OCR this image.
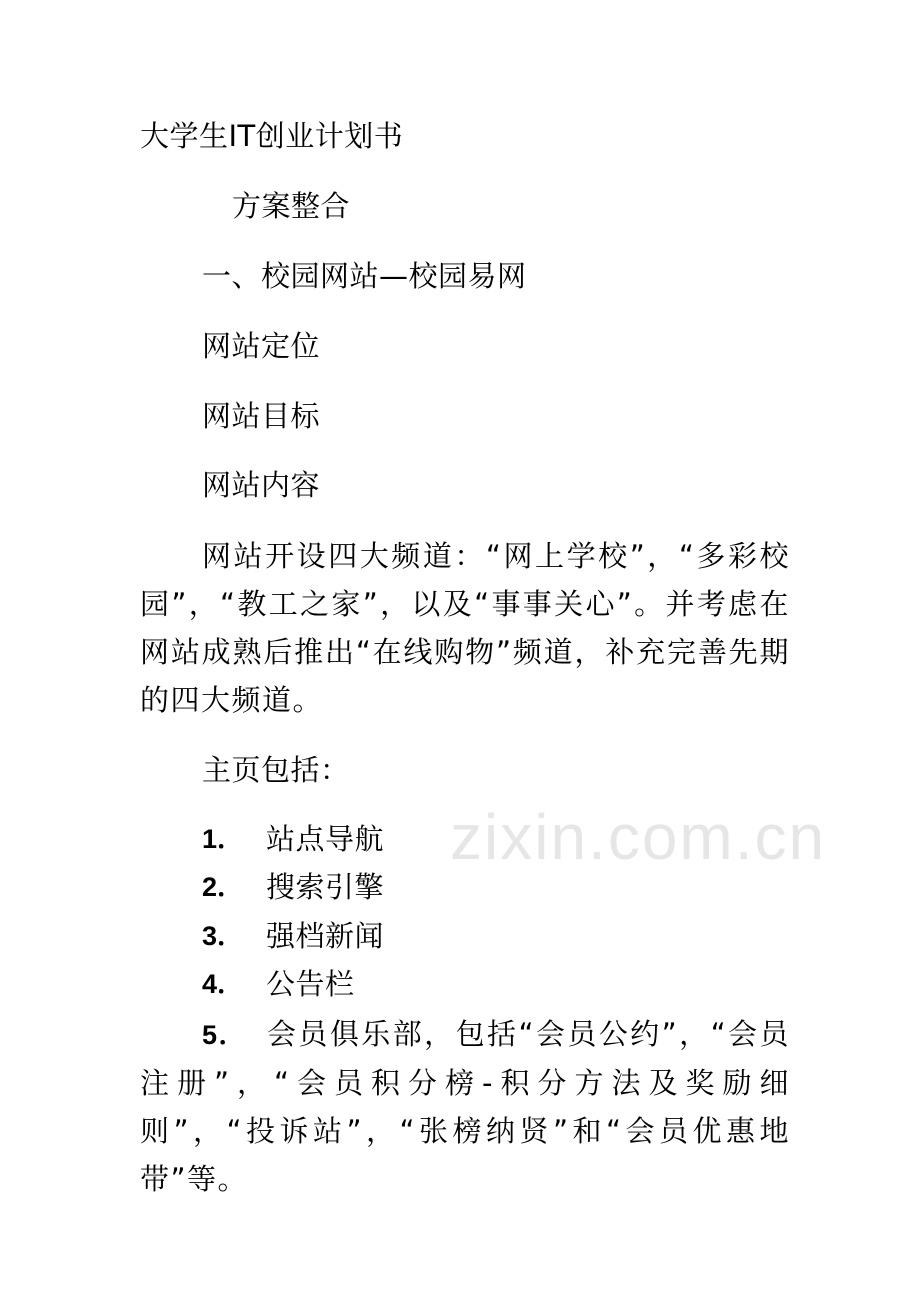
大学生IT创业计划书
方案整合
一、校园网站—校园易网
网站定位
网站目标
网站内容
网站开设四大频道：“网上学校”，“多彩校园”，“教工之家”，以及“事事关心”。并考虑在网站成熟后推出“在线购物”频道，补充完善先期的四大频道。
主页包括：
1． 站点导航
2． 搜索引擎
3． 强档新闻
4． 公告栏
5． 会员俱乐部，包括“会员公约”，“会员注册”，“会员积分榜-积分方法及奖励细则”，“投诉站”，“张榜纳贤”和“会员优惠地带”等。
zixin.com.cn
